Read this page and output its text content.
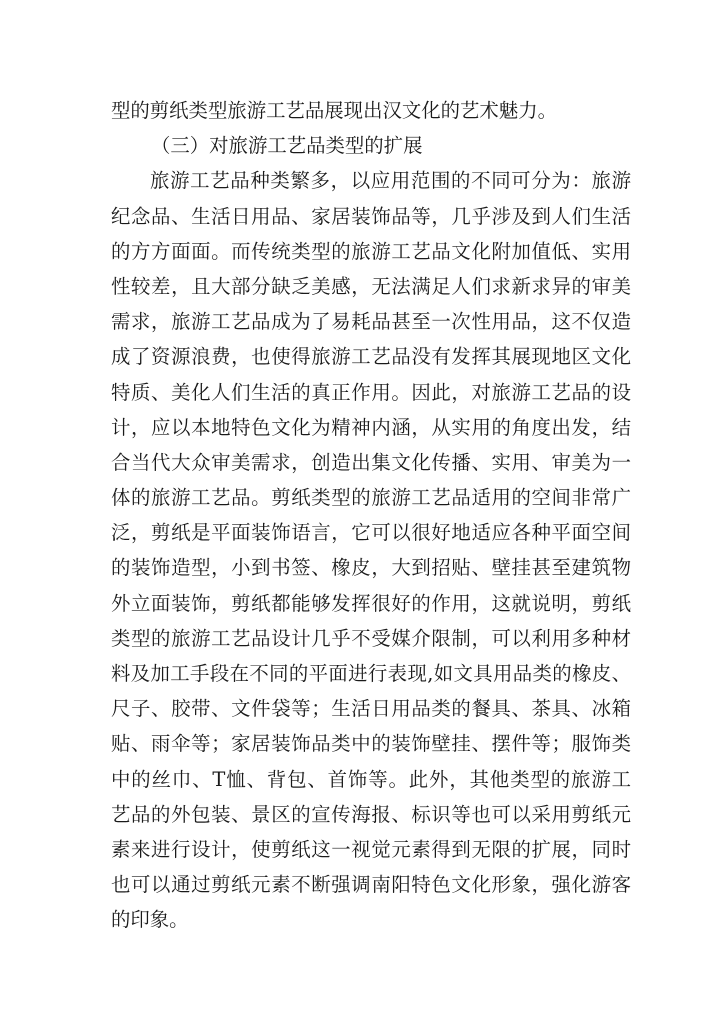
型的剪纸类型旅游工艺品展现出汉文化的艺术魅力。
（三）对旅游工艺品类型的扩展
旅游工艺品种类繁多，以应用范围的不同可分为：旅游
纪念品、生活日用品、家居装饰品等，几乎涉及到人们生活
的方方面面。而传统类型的旅游工艺品文化附加值低、实用
性较差，且大部分缺乏美感，无法满足人们求新求异的审美
需求，旅游工艺品成为了易耗品甚至一次性用品，这不仅造
成了资源浪费，也使得旅游工艺品没有发挥其展现地区文化
特质、美化人们生活的真正作用。因此，对旅游工艺品的设
计，应以本地特色文化为精神内涵，从实用的角度出发，结
合当代大众审美需求，创造出集文化传播、实用、审美为一
体的旅游工艺品。剪纸类型的旅游工艺品适用的空间非常广
泛，剪纸是平面装饰语言，它可以很好地适应各种平面空间
的装饰造型，小到书签、橡皮，大到招贴、壁挂甚至建筑物
外立面装饰，剪纸都能够发挥很好的作用，这就说明，剪纸
类型的旅游工艺品设计几乎不受媒介限制，可以利用多种材
料及加工手段在不同的平面进行表现,如文具用品类的橡皮、
尺子、胶带、文件袋等；生活日用品类的餐具、茶具、冰箱
贴、雨伞等；家居装饰品类中的装饰壁挂、摆件等；服饰类
中的丝巾、T恤、背包、首饰等。此外，其他类型的旅游工
艺品的外包装、景区的宣传海报、标识等也可以采用剪纸元
素来进行设计，使剪纸这一视觉元素得到无限的扩展，同时
也可以通过剪纸元素不断强调南阳特色文化形象，强化游客
的印象。
